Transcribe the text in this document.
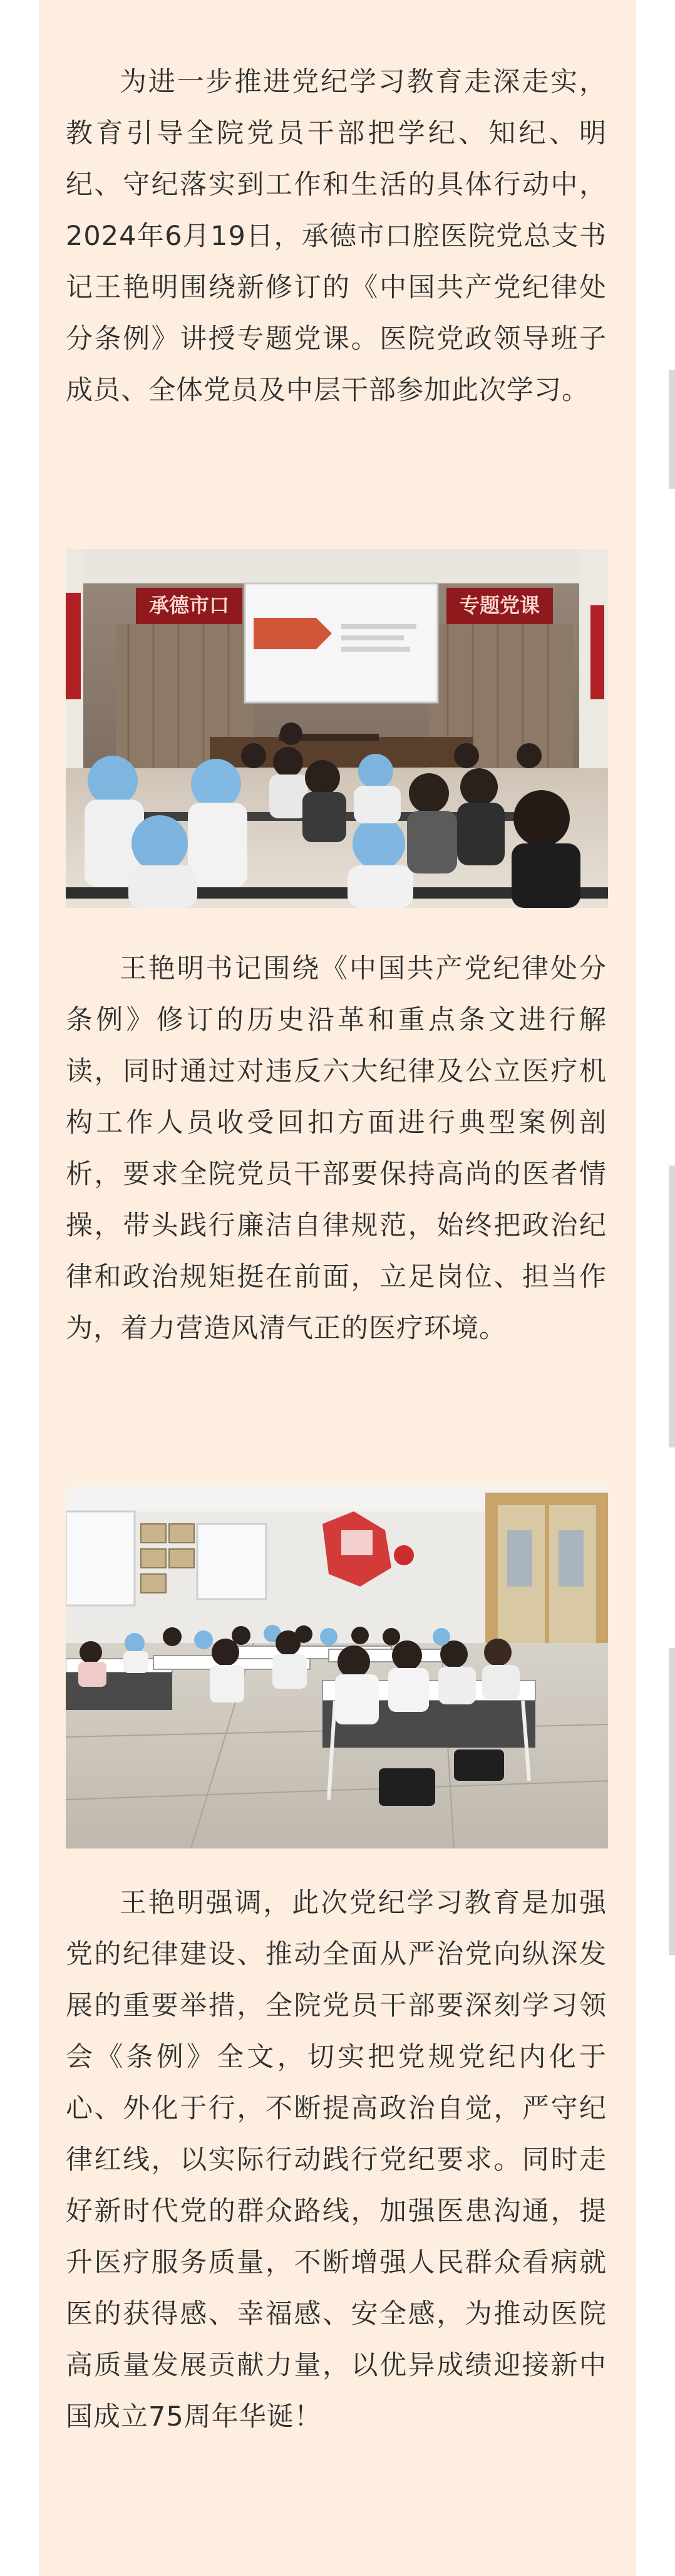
为进一步推进党纪学习教育走深走实，教育引导全院党员干部把学纪、知纪、明纪、守纪落实到工作和生活的具体行动中，2024年6月19日，承德市口腔医院党总支书记王艳明围绕新修订的《中国共产党纪律处分条例》讲授专题党课。医院党政领导班子成员、全体党员及中层干部参加此次学习。

承德市口	专题党课

王艳明书记围绕《中国共产党纪律处分条例》修订的历史沿革和重点条文进行解读，同时通过对违反六大纪律及公立医疗机构工作人员收受回扣方面进行典型案例剖析，要求全院党员干部要保持高尚的医者情操，带头践行廉洁自律规范，始终把政治纪律和政治规矩挺在前面，立足岗位、担当作为，着力营造风清气正的医疗环境。

王艳明强调，此次党纪学习教育是加强党的纪律建设、推动全面从严治党向纵深发展的重要举措，全院党员干部要深刻学习领会《条例》全文，切实把党规党纪内化于心、外化于行，不断提高政治自觉，严守纪律红线，以实际行动践行党纪要求。同时走好新时代党的群众路线，加强医患沟通，提升医疗服务质量，不断增强人民群众看病就医的获得感、幸福感、安全感，为推动医院高质量发展贡献力量，以优异成绩迎接新中国成立75周年华诞！
